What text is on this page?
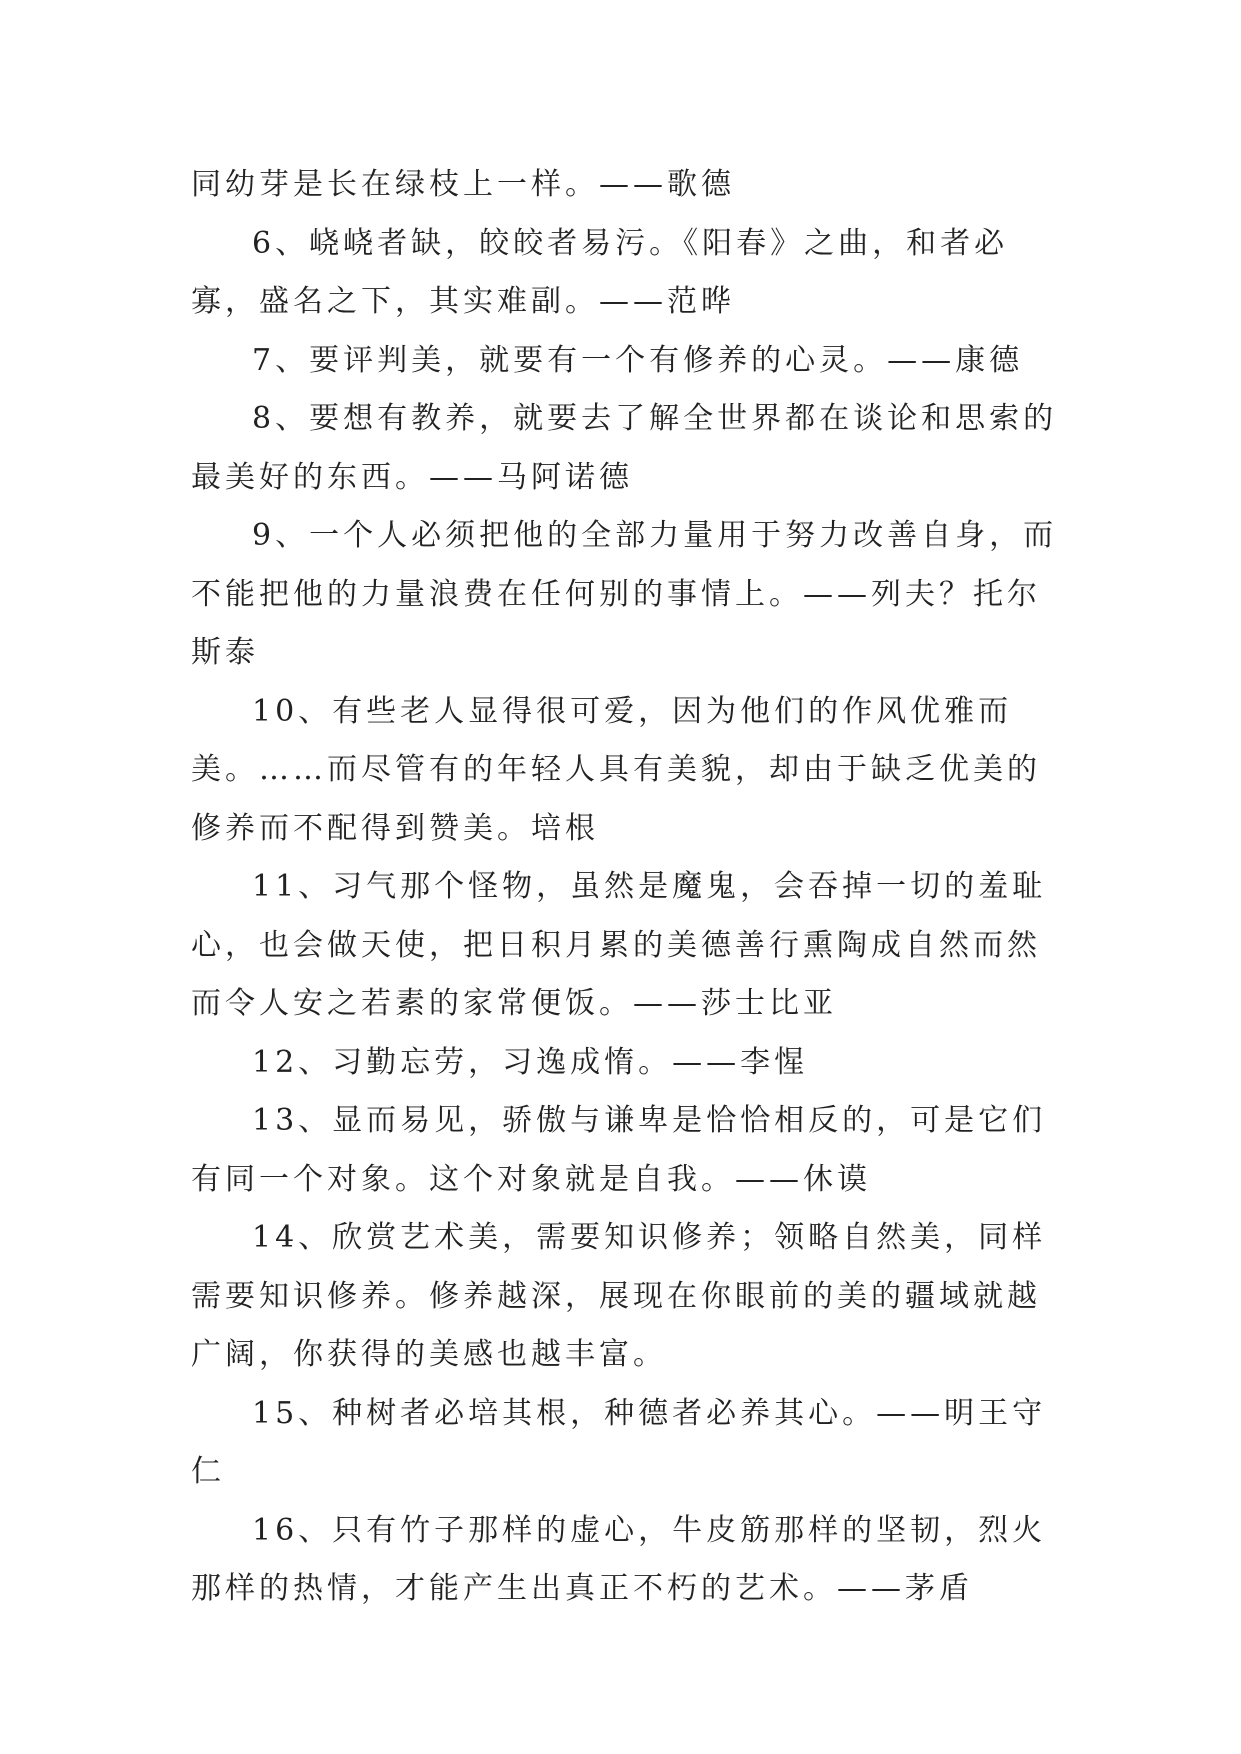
同幼芽是长在绿枝上一样。——歌德

6、峣峣者缺，皎皎者易污。《阳春》之曲，和者必寡，盛名之下，其实难副。——范晔

7、要评判美，就要有一个有修养的心灵。——康德

8、要想有教养，就要去了解全世界都在谈论和思索的最美好的东西。——马阿诺德

9、一个人必须把他的全部力量用于努力改善自身，而不能把他的力量浪费在任何别的事情上。——列夫？托尔斯泰

10、有些老人显得很可爱，因为他们的作风优雅而美。……而尽管有的年轻人具有美貌，却由于缺乏优美的修养而不配得到赞美。培根

11、习气那个怪物，虽然是魔鬼，会吞掉一切的羞耻心，也会做天使，把日积月累的美德善行熏陶成自然而然而令人安之若素的家常便饭。——莎士比亚

12、习勤忘劳，习逸成惰。——李惺

13、显而易见，骄傲与谦卑是恰恰相反的，可是它们有同一个对象。这个对象就是自我。——休谟

14、欣赏艺术美，需要知识修养；领略自然美，同样需要知识修养。修养越深，展现在你眼前的美的疆域就越广阔，你获得的美感也越丰富。

15、种树者必培其根，种德者必养其心。——明王守仁

16、只有竹子那样的虚心，牛皮筋那样的坚韧，烈火那样的热情，才能产生出真正不朽的艺术。——茅盾
